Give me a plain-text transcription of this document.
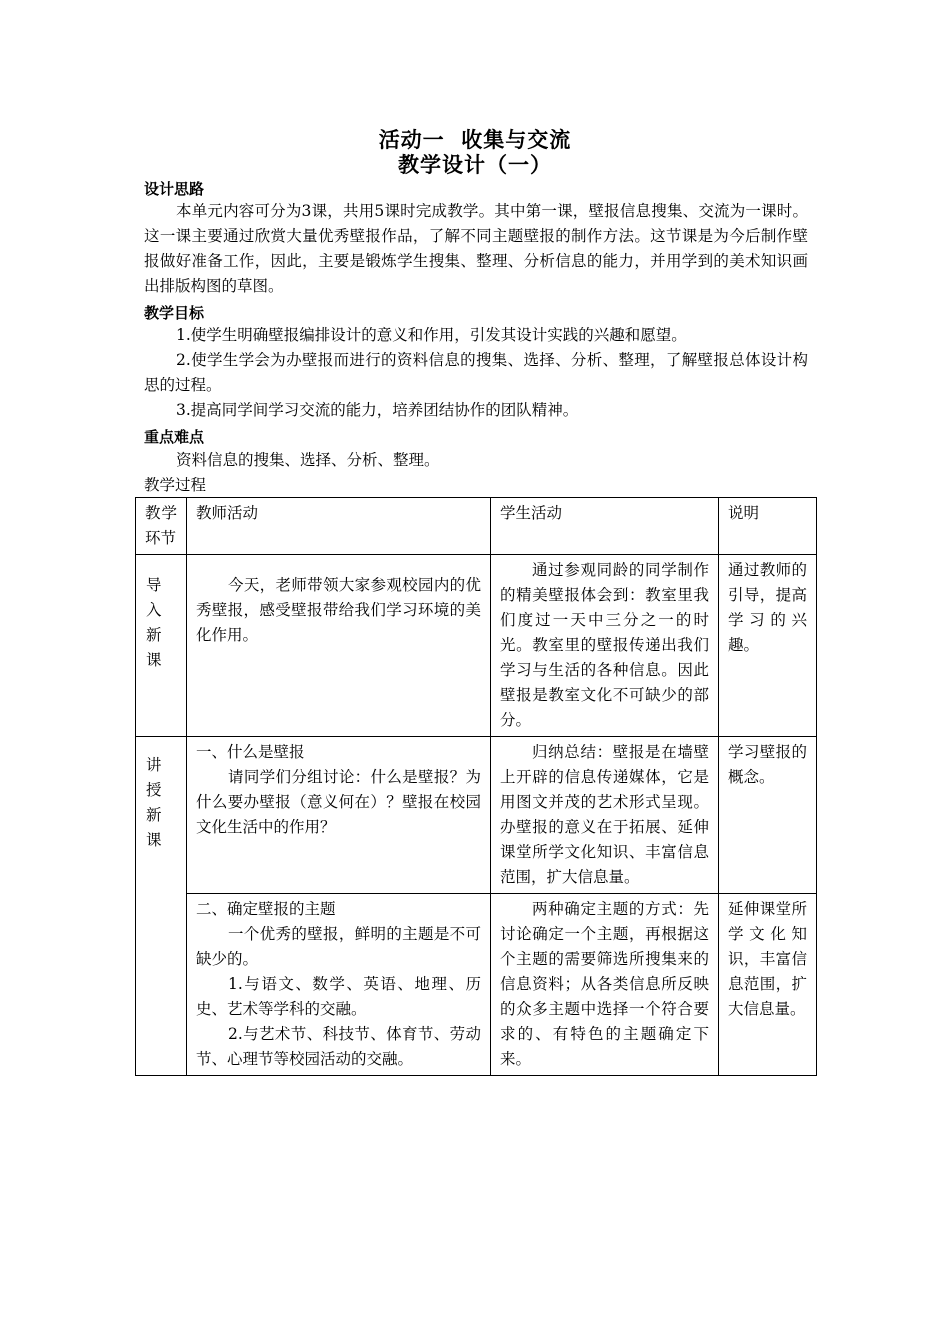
活动一  收集与交流
教学设计（一）
设计思路
本单元内容可分为3课，共用5课时完成教学。其中第一课，壁报信息搜集、交流为一课时。这一课主要通过欣赏大量优秀壁报作品，了解不同主题壁报的制作方法。这节课是为今后制作壁报做好准备工作，因此，主要是锻炼学生搜集、整理、分析信息的能力，并用学到的美术知识画出排版构图的草图。
教学目标
1.使学生明确壁报编排设计的意义和作用，引发其设计实践的兴趣和愿望。
2.使学生学会为办壁报而进行的资料信息的搜集、选择、分析、整理，了解壁报总体设计构思的过程。
3.提高同学间学习交流的能力，培养团结协作的团队精神。
重点难点
资料信息的搜集、选择、分析、整理。
教学过程
教学环节	教师活动	学生活动	说明

导
入
新
课	今天，老师带领大家参观校园内的优秀壁报，感受壁报带给我们学习环境的美化作用。	通过参观同龄的同学制作的精美壁报体会到：教室里我们度过一天中三分之一的时光。教室里的壁报传递出我们学习与生活的各种信息。因此壁报是教室文化不可缺少的部分。	通过教师的引导，提高学习的兴趣。

讲
授
新
课	一、什么是壁报
请同学们分组讨论：什么是壁报？为什么要办壁报（意义何在）？壁报在校园文化生活中的作用？	归纳总结：壁报是在墙壁上开辟的信息传递媒体，它是用图文并茂的艺术形式呈现。办壁报的意义在于拓展、延伸课堂所学文化知识、丰富信息范围，扩大信息量。	学习壁报的概念。

	二、确定壁报的主题
一个优秀的壁报，鲜明的主题是不可缺少的。
1.与语文、数学、英语、地理、历史、艺术等学科的交融。
2.与艺术节、科技节、体育节、劳动节、心理节等校园活动的交融。	两种确定主题的方式：先讨论确定一个主题，再根据这个主题的需要筛选所搜集来的信息资料；从各类信息所反映的众多主题中选择一个符合要求的、有特色的主题确定下来。	延伸课堂所学文化知识，丰富信息范围，扩大信息量。
